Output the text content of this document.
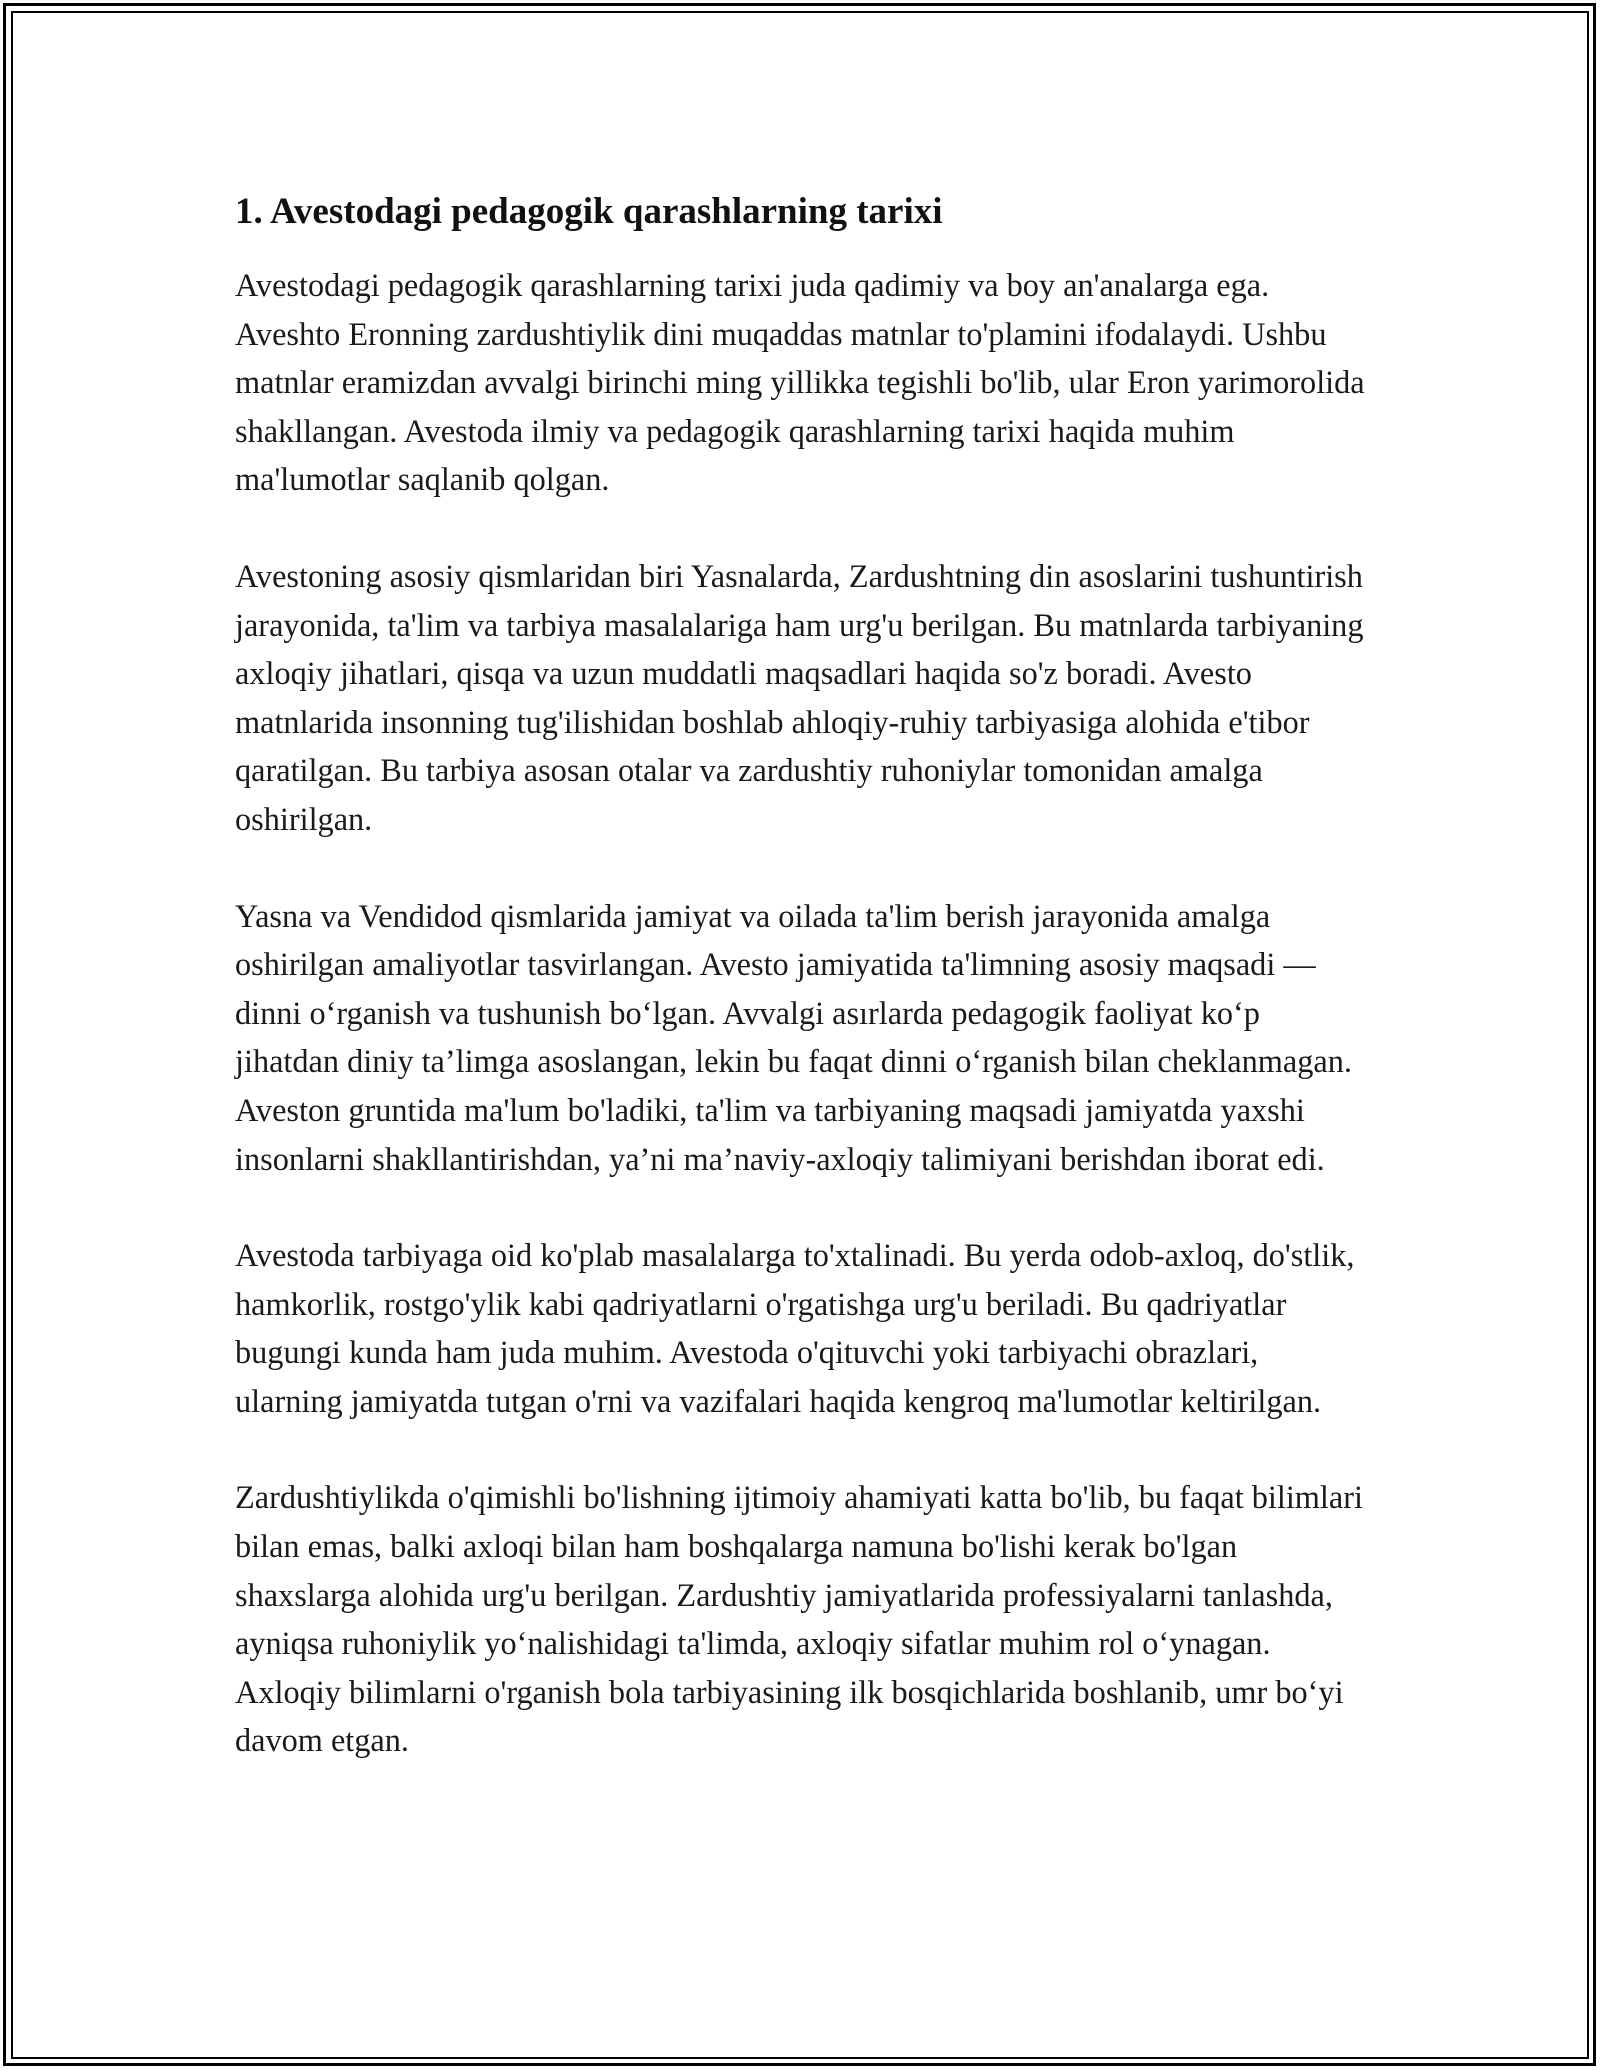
1. Avestodagi pedagogik qarashlarning tarixi

Avestodagi pedagogik qarashlarning tarixi juda qadimiy va boy an'analarga ega. Aveshto Eronning zardushtiylik dini muqaddas matnlar to'plamini ifodalaydi. Ushbu matnlar eramizdan avvalgi birinchi ming yillikka tegishli bo'lib, ular Eron yarimorolida shakllangan. Avestoda ilmiy va pedagogik qarashlarning tarixi haqida muhim ma'lumotlar saqlanib qolgan.

Avestoning asosiy qismlaridan biri Yasnalarda, Zardushtning din asoslarini tushuntirish jarayonida, ta'lim va tarbiya masalalariga ham urg'u berilgan. Bu matnlarda tarbiyaning axloqiy jihatlari, qisqa va uzun muddatli maqsadlari haqida so'z boradi. Avesto matnlarida insonning tug'ilishidan boshlab ahloqiy-ruhiy tarbiyasiga alohida e'tibor qaratilgan. Bu tarbiya asosan otalar va zardushtiy ruhoniylar tomonidan amalga oshirilgan.

Yasna va Vendidod qismlarida jamiyat va oilada ta'lim berish jarayonida amalga oshirilgan amaliyotlar tasvirlangan. Avesto jamiyatida ta'limning asosiy maqsadi — dinni o‘rganish va tushunish bo‘lgan. Avvalgi asırlarda pedagogik faoliyat ko‘p jihatdan diniy ta’limga asoslangan, lekin bu faqat dinni o‘rganish bilan cheklanmagan. Aveston gruntida ma'lum bo'ladiki, ta'lim va tarbiyaning maqsadi jamiyatda yaxshi insonlarni shakllantirishdan, ya’ni ma’naviy-axloqiy talimiyani berishdan iborat edi.

Avestoda tarbiyaga oid ko'plab masalalarga to'xtalinadi. Bu yerda odob-axloq, do'stlik, hamkorlik, rostgo'ylik kabi qadriyatlarni o'rgatishga urg'u beriladi. Bu qadriyatlar bugungi kunda ham juda muhim. Avestoda o'qituvchi yoki tarbiyachi obrazlari, ularning jamiyatda tutgan o'rni va vazifalari haqida kengroq ma'lumotlar keltirilgan.

Zardushtiylikda o'qimishli bo'lishning ijtimoiy ahamiyati katta bo'lib, bu faqat bilimlari bilan emas, balki axloqi bilan ham boshqalarga namuna bo'lishi kerak bo'lgan shaxslarga alohida urg'u berilgan. Zardushtiy jamiyatlarida professiyalarni tanlashda, ayniqsa ruhoniylik yo‘nalishidagi ta'limda, axloqiy sifatlar muhim rol o‘ynagan. Axloqiy bilimlarni o'rganish bola tarbiyasining ilk bosqichlarida boshlanib, umr bo‘yi davom etgan.
